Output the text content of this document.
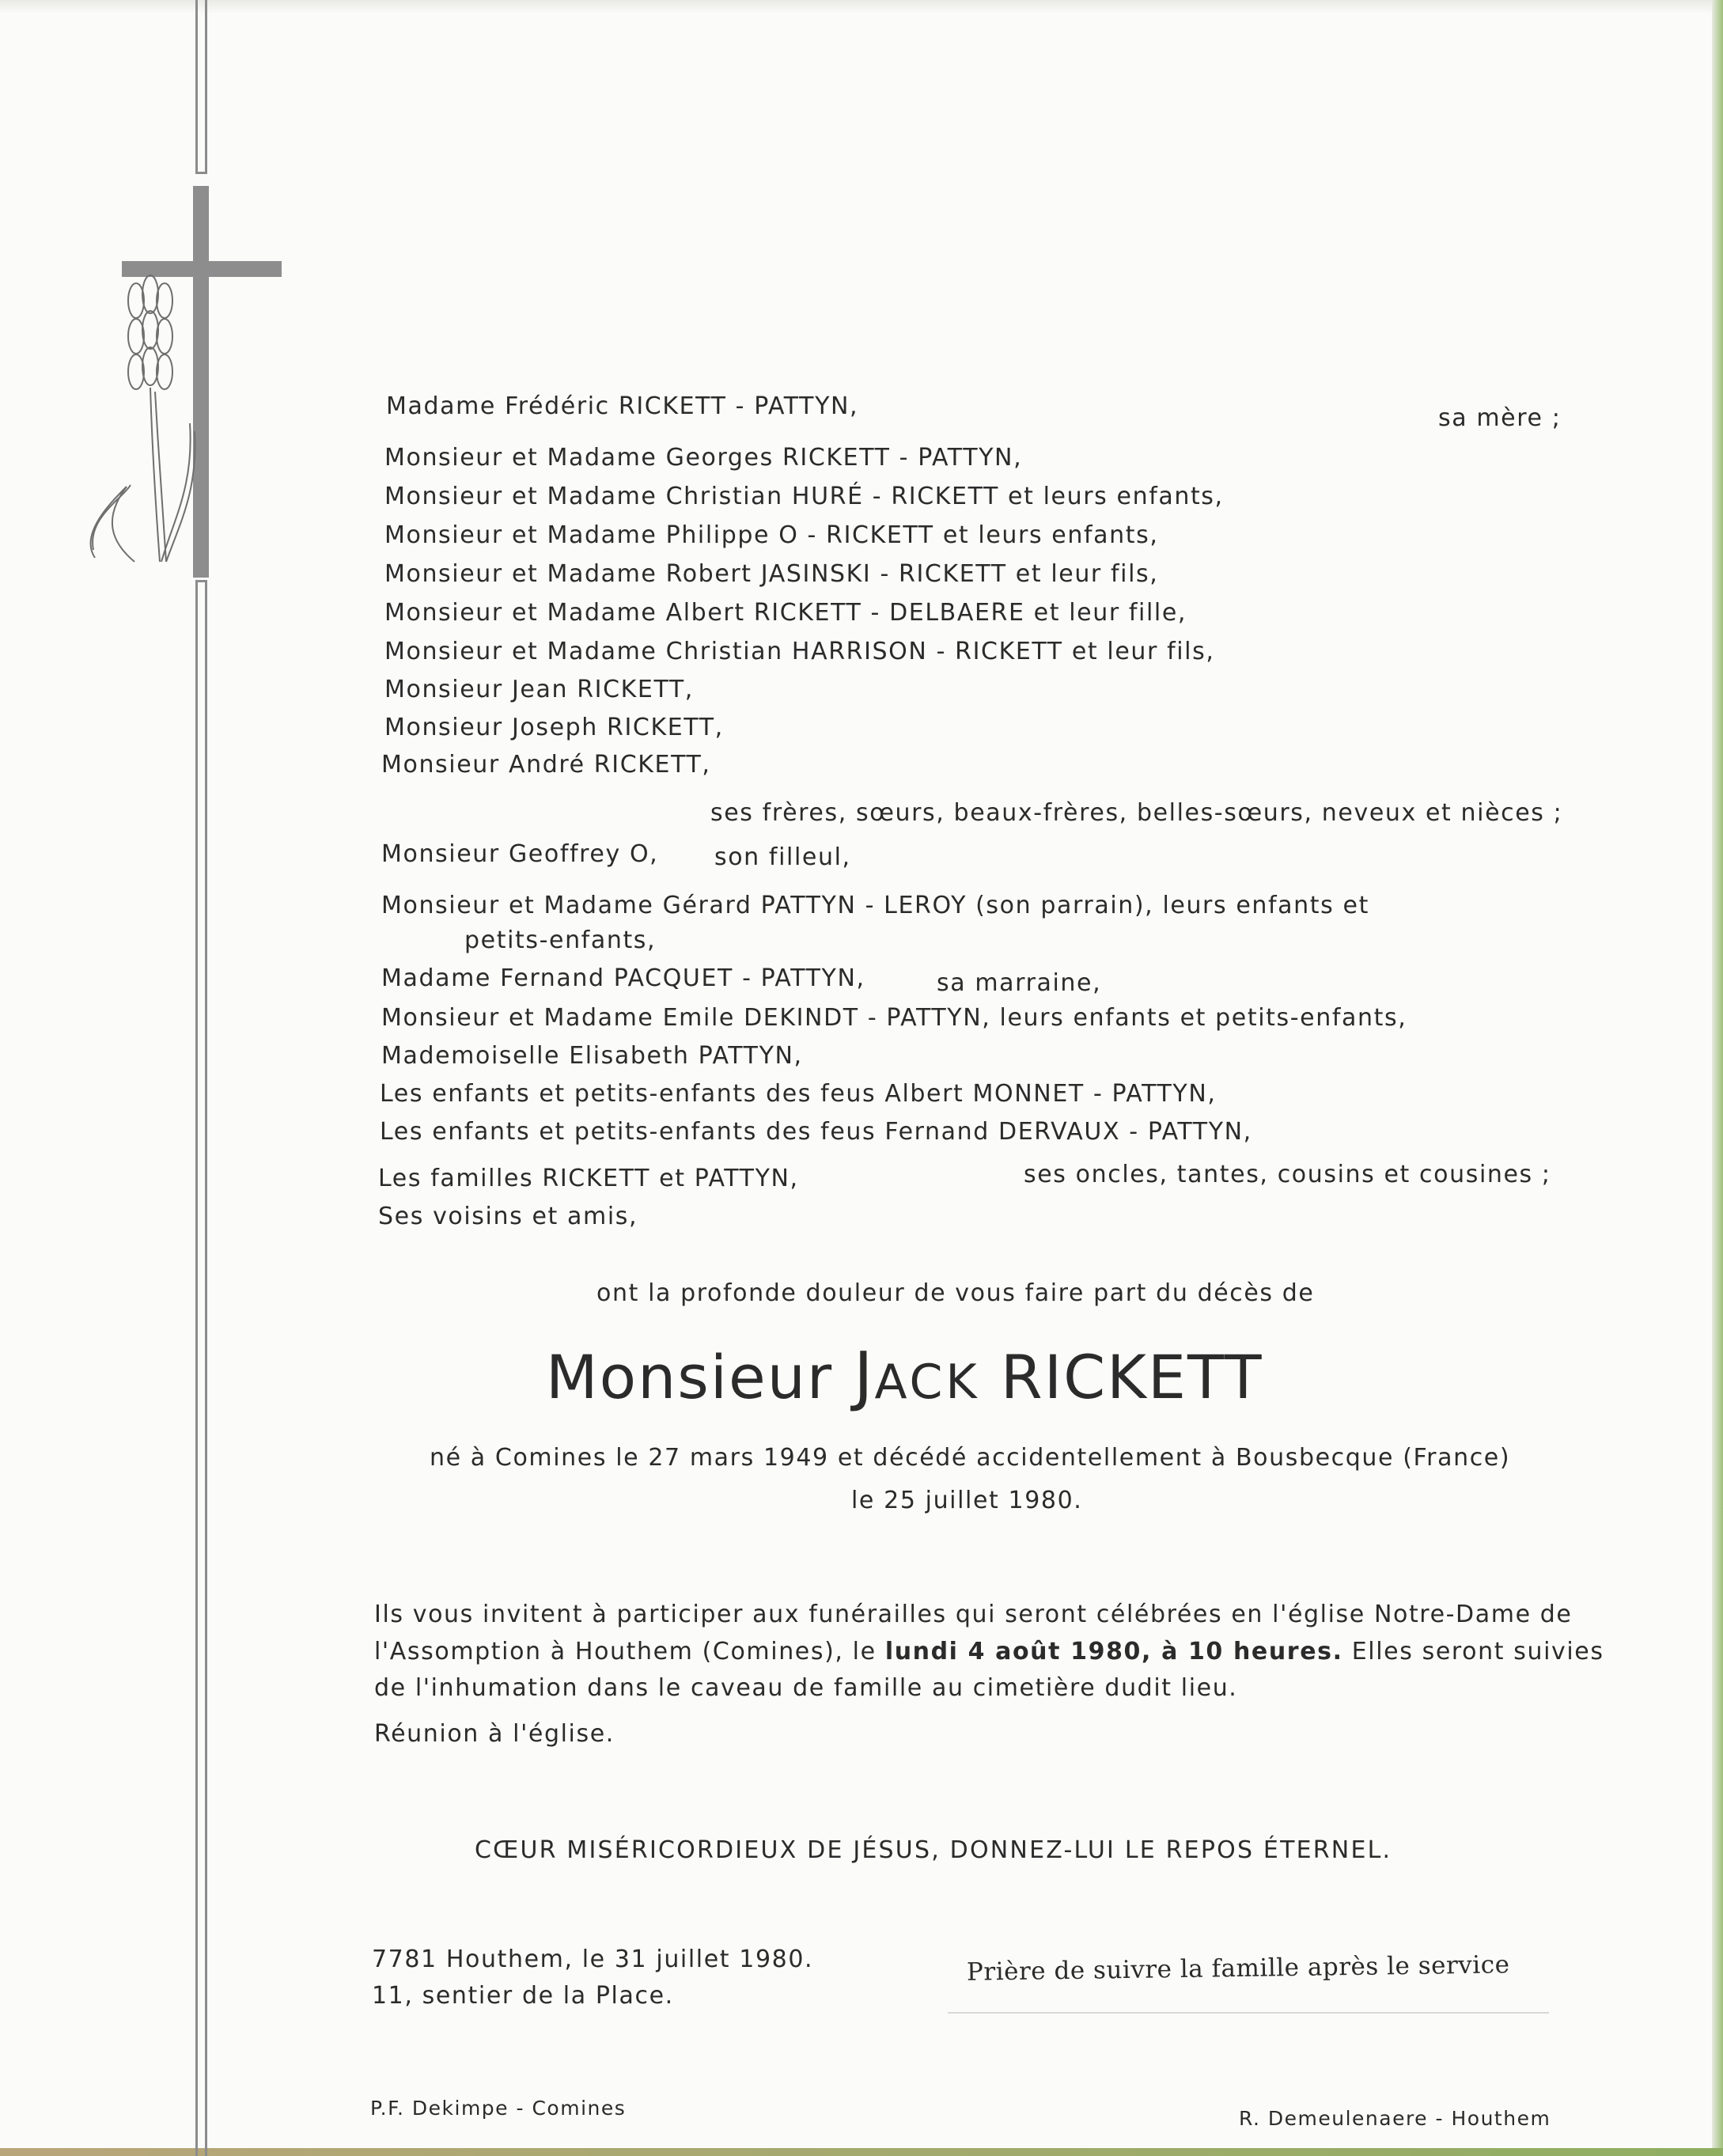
Madame Frédéric RICKETT - PATTYN,	sa mère ;
Monsieur et Madame Georges RICKETT - PATTYN,
Monsieur et Madame Christian HURÉ - RICKETT et leurs enfants,
Monsieur et Madame Philippe O - RICKETT et leurs enfants,
Monsieur et Madame Robert JASINSKI - RICKETT et leur fils,
Monsieur et Madame Albert RICKETT - DELBAERE et leur fille,
Monsieur et Madame Christian HARRISON - RICKETT et leur fils,
Monsieur Jean RICKETT,
Monsieur Joseph RICKETT,
Monsieur André RICKETT,
ses frères, sœurs, beaux-frères, belles-sœurs, neveux et nièces ;
Monsieur Geoffrey O, son filleul,
Monsieur et Madame Gérard PATTYN - LEROY (son parrain), leurs enfants et
petits-enfants,
Madame Fernand PACQUET - PATTYN,	sa marraine,
Monsieur et Madame Emile DEKINDT - PATTYN, leurs enfants et petits-enfants,
Mademoiselle Elisabeth PATTYN,
Les enfants et petits-enfants des feus Albert MONNET - PATTYN,
Les enfants et petits-enfants des feus Fernand DERVAUX - PATTYN,
Les familles RICKETT et PATTYN,	ses oncles, tantes, cousins et cousines ;
Ses voisins et amis,
ont la profonde douleur de vous faire part du décès de
Monsieur JACK RICKETT
né à Comines le 27 mars 1949 et décédé accidentellement à Bousbecque (France)
le 25 juillet 1980.
Ils vous invitent à participer aux funérailles qui seront célébrées en l'église Notre-Dame de
l'Assomption à Houthem (Comines), le lundi 4 août 1980, à 10 heures. Elles seront suivies
de l'inhumation dans le caveau de famille au cimetière dudit lieu.
Réunion à l'église.
CŒUR MISÉRICORDIEUX DE JÉSUS, DONNEZ-LUI LE REPOS ÉTERNEL.
7781 Houthem, le 31 juillet 1980.
11, sentier de la Place.
Prière de suivre la famille après le service
P.F. Dekimpe - Comines	R. Demeulenaere - Houthem
